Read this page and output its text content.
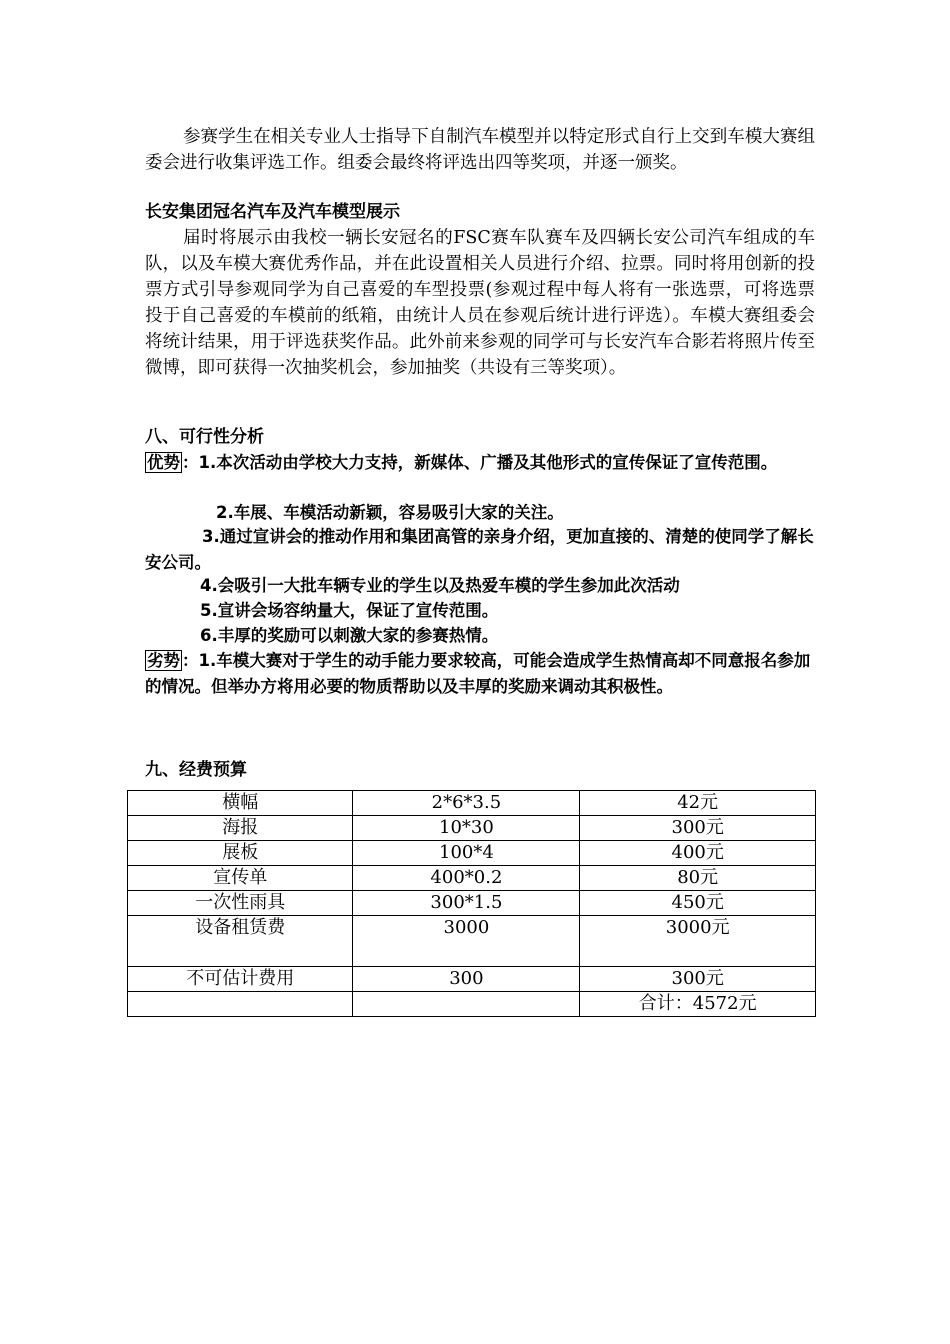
参赛学生在相关专业人士指导下自制汽车模型并以特定形式自行上交到车模大赛组委会进行收集评选工作。组委会最终将评选出四等奖项，并逐一颁奖。

长安集团冠名汽车及汽车模型展示

届时将展示由我校一辆长安冠名的FSC赛车队赛车及四辆长安公司汽车组成的车队，以及车模大赛优秀作品，并在此设置相关人员进行介绍、拉票。同时将用创新的投票方式引导参观同学为自己喜爱的车型投票(参观过程中每人将有一张选票，可将选票投于自己喜爱的车模前的纸箱，由统计人员在参观后统计进行评选）。车模大赛组委会将统计结果，用于评选获奖作品。此外前来参观的同学可与长安汽车合影若将照片传至微博，即可获得一次抽奖机会，参加抽奖（共设有三等奖项）。

八、可行性分析

优势 ：1.本次活动由学校大力支持，新媒体、广播及其他形式的宣传保证了宣传范围。

2.车展、车模活动新颖，容易吸引大家的关注。

3.通过宣讲会的推动作用和集团高管的亲身介绍，更加直接的、清楚的使同学了解长安公司。

4.会吸引一大批车辆专业的学生以及热爱车模的学生参加此次活动

5.宣讲会场容纳量大，保证了宣传范围。

6.丰厚的奖励可以刺激大家的参赛热情。

劣势 ：1.车模大赛对于学生的动手能力要求较高，可能会造成学生热情高却不同意报名参加的情况。但举办方将用必要的物质帮助以及丰厚的奖励来调动其积极性。

九、经费预算

横幅	2*6*3.5	42元
海报	10*30	300元
展板	100*4	400元
宣传单	400*0.2	80元
一次性雨具	300*1.5	450元
设备租赁费	3000	3000元
不可估计费用	300	300元
		合计：4572元
